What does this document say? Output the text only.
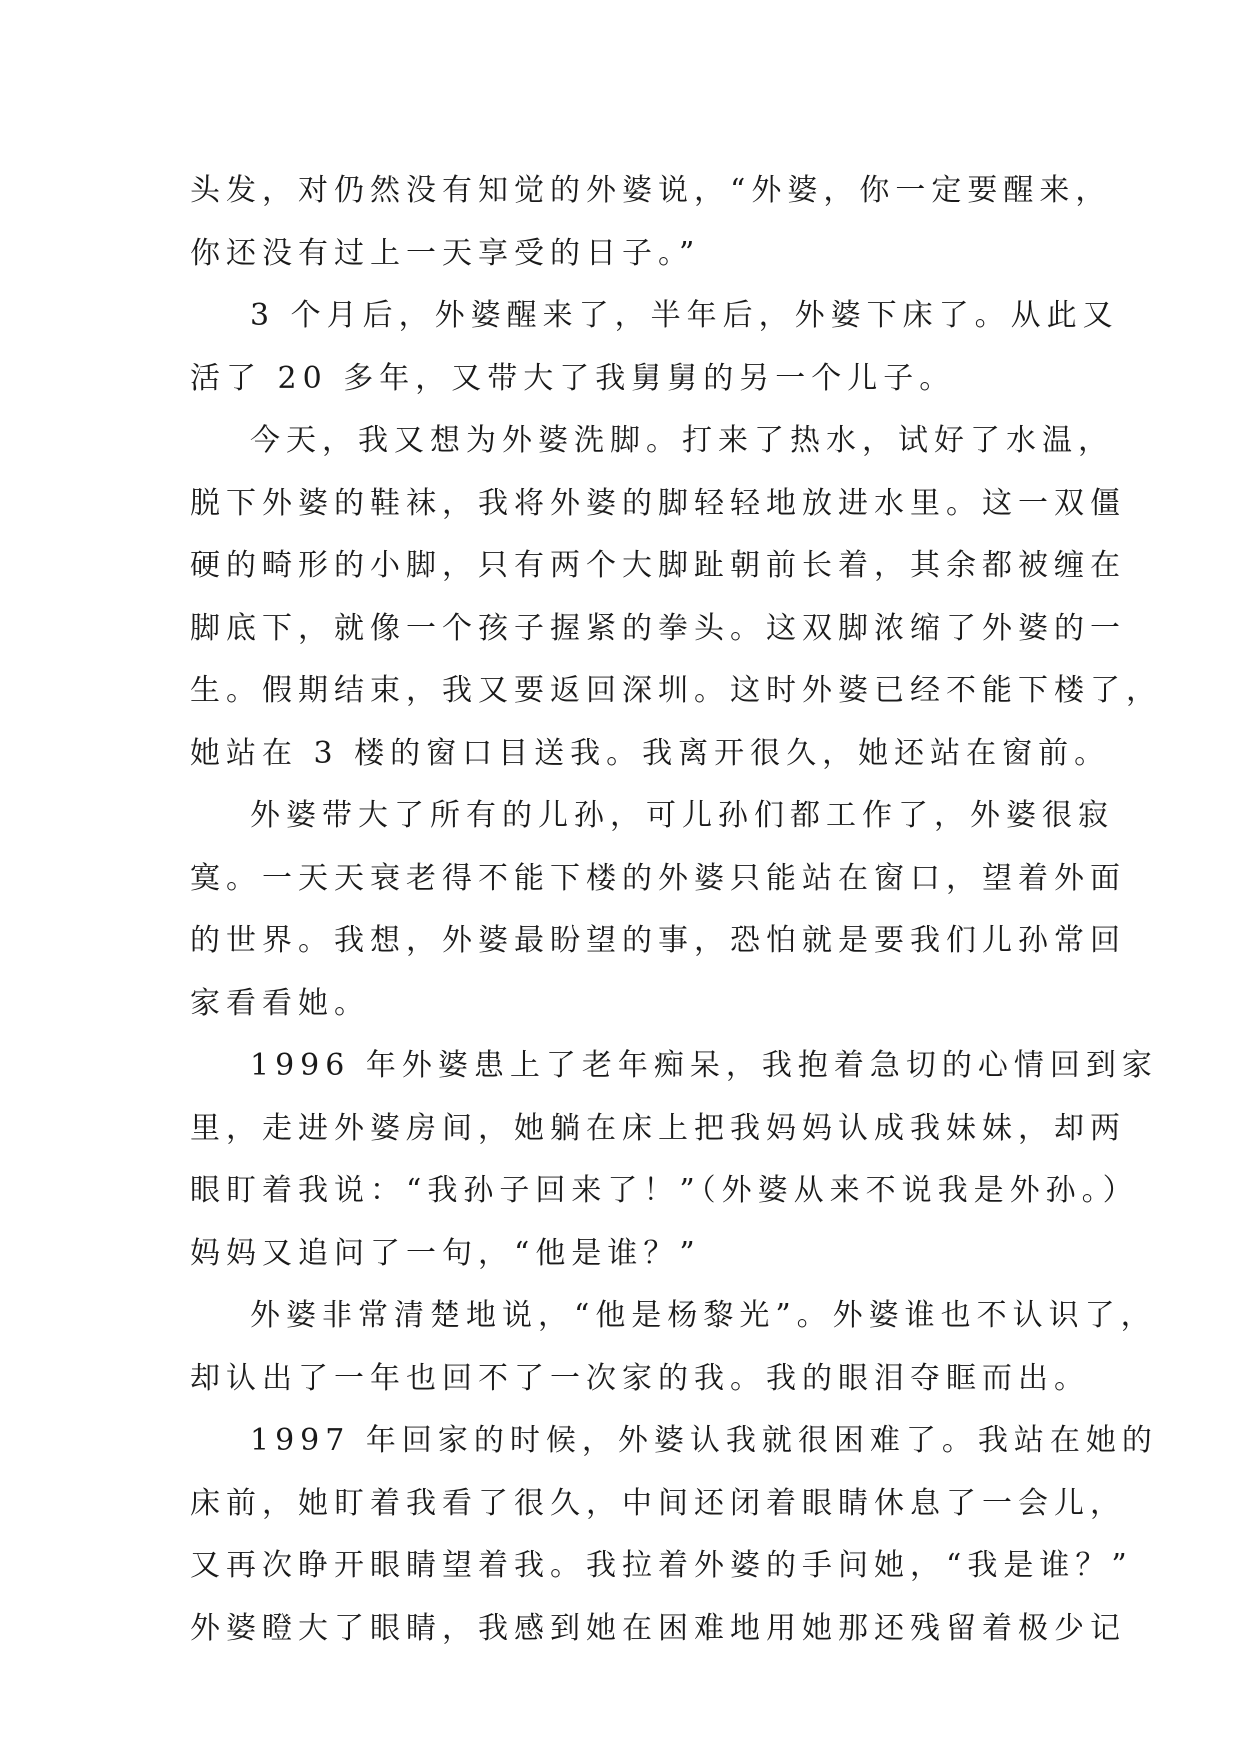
头发，对仍然没有知觉的外婆说，“外婆，你一定要醒来，
你还没有过上一天享受的日子。”
3 个月后，外婆醒来了，半年后，外婆下床了。从此又
活了 20 多年，又带大了我舅舅的另一个儿子。
今天，我又想为外婆洗脚。打来了热水，试好了水温，
脱下外婆的鞋袜，我将外婆的脚轻轻地放进水里。这一双僵
硬的畸形的小脚，只有两个大脚趾朝前长着，其余都被缠在
脚底下，就像一个孩子握紧的拳头。这双脚浓缩了外婆的一
生。假期结束，我又要返回深圳。这时外婆已经不能下楼了，
她站在 3 楼的窗口目送我。我离开很久，她还站在窗前。
外婆带大了所有的儿孙，可儿孙们都工作了，外婆很寂
寞。一天天衰老得不能下楼的外婆只能站在窗口，望着外面
的世界。我想，外婆最盼望的事，恐怕就是要我们儿孙常回
家看看她。
1996 年外婆患上了老年痴呆，我抱着急切的心情回到家
里，走进外婆房间，她躺在床上把我妈妈认成我妹妹，却两
眼盯着我说：“我孙子回来了！”（外婆从来不说我是外孙。）
妈妈又追问了一句，“他是谁？”
外婆非常清楚地说，“他是杨黎光”。外婆谁也不认识了，
却认出了一年也回不了一次家的我。我的眼泪夺眶而出。
1997 年回家的时候，外婆认我就很困难了。我站在她的
床前，她盯着我看了很久，中间还闭着眼睛休息了一会儿，
又再次睁开眼睛望着我。我拉着外婆的手问她，“我是谁？”
外婆瞪大了眼睛，我感到她在困难地用她那还残留着极少记
